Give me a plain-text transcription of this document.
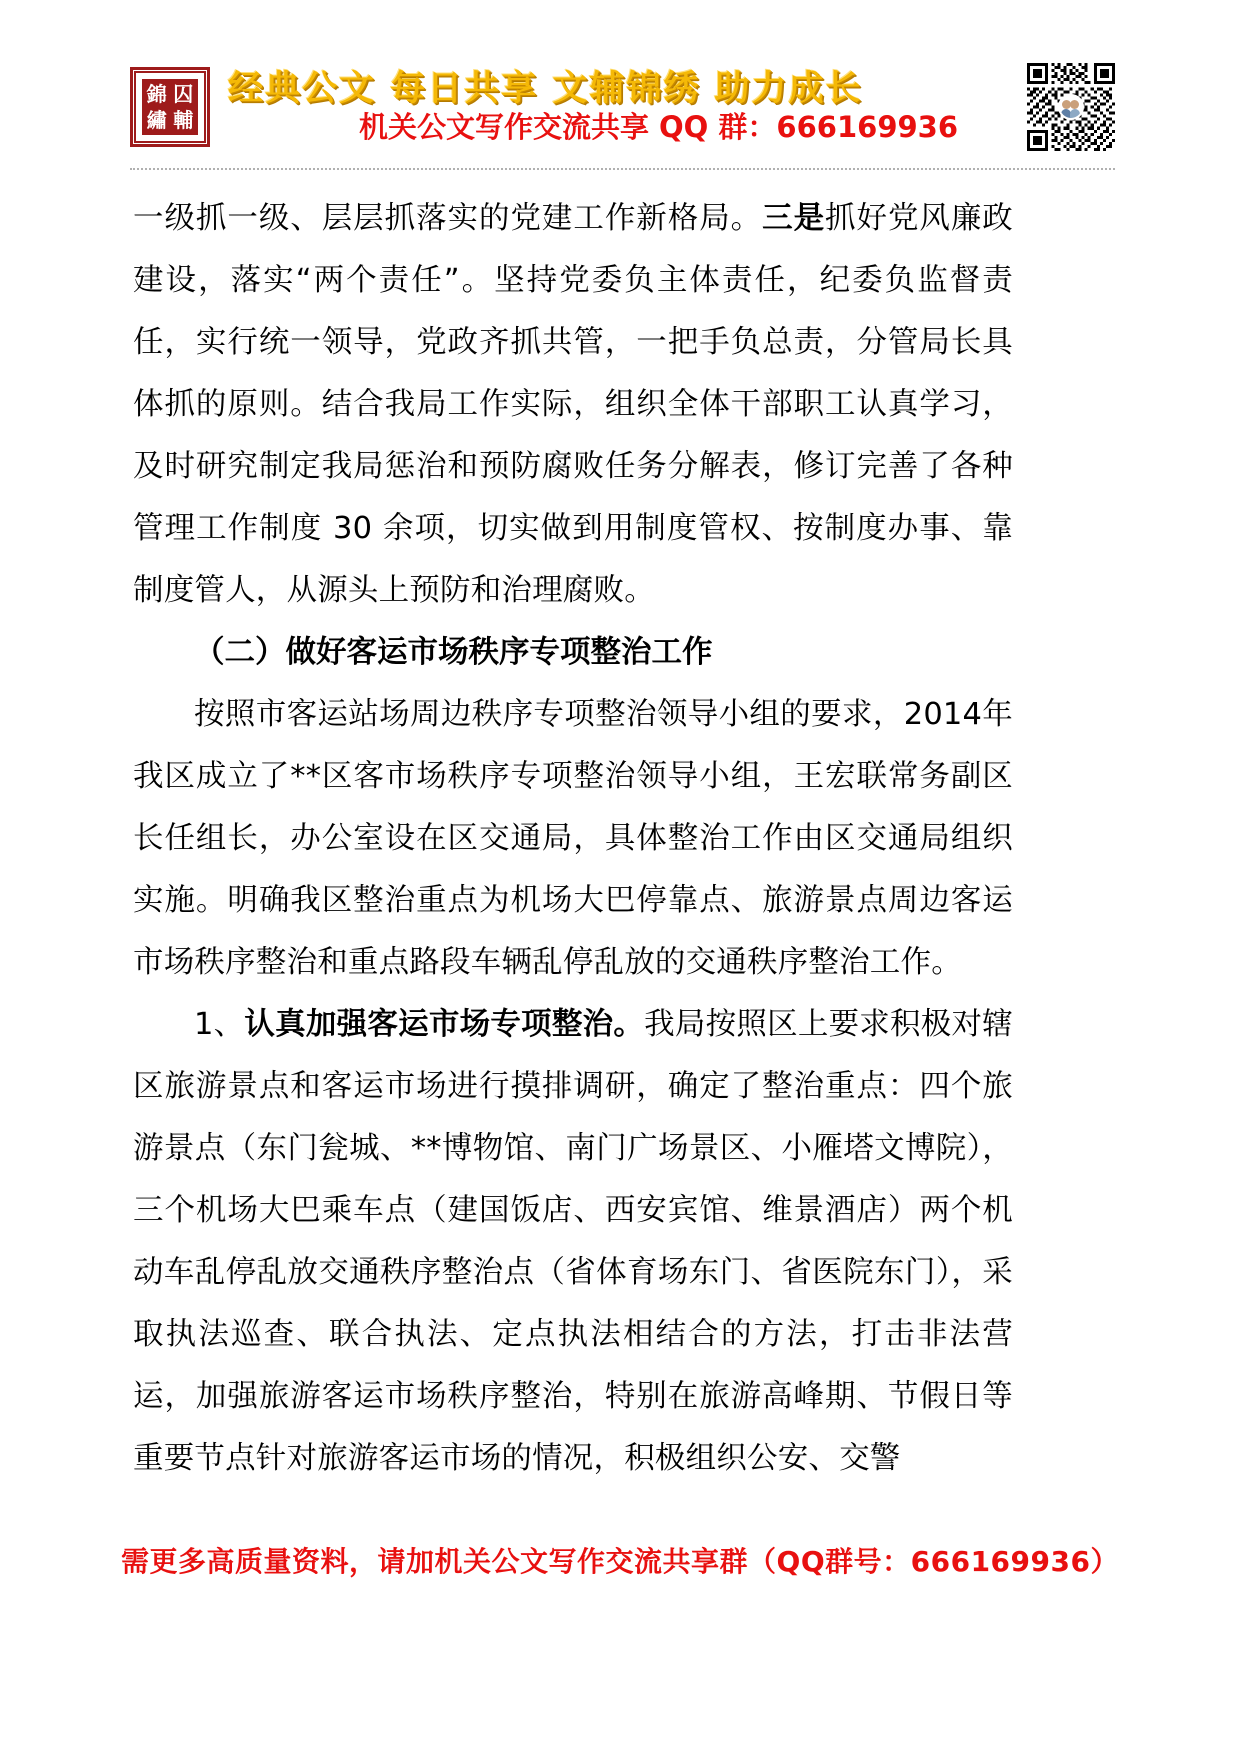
錦 囚
繡 輔
经典公文 每日共享 文辅锦绣 助力成长
机关公文写作交流共享 QQ 群：666169936

一级抓一级、层层抓落实的党建工作新格局。三是抓好党风廉政建设，落实“两个责任”。坚持党委负主体责任，纪委负监督责任，实行统一领导，党政齐抓共管，一把手负总责，分管局长具体抓的原则。结合我局工作实际，组织全体干部职工认真学习，及时研究制定我局惩治和预防腐败任务分解表，修订完善了各种管理工作制度 30 余项，切实做到用制度管权、按制度办事、靠制度管人，从源头上预防和治理腐败。

（二）做好客运市场秩序专项整治工作

按照市客运站场周边秩序专项整治领导小组的要求，2014年我区成立了**区客市场秩序专项整治领导小组，王宏联常务副区长任组长，办公室设在区交通局，具体整治工作由区交通局组织实施。明确我区整治重点为机场大巴停靠点、旅游景点周边客运市场秩序整治和重点路段车辆乱停乱放的交通秩序整治工作。

1、认真加强客运市场专项整治。我局按照区上要求积极对辖区旅游景点和客运市场进行摸排调研，确定了整治重点：四个旅游景点（东门瓮城、**博物馆、南门广场景区、小雁塔文博院），三个机场大巴乘车点（建国饭店、西安宾馆、维景酒店）两个机动车乱停乱放交通秩序整治点（省体育场东门、省医院东门），采取执法巡查、联合执法、定点执法相结合的方法，打击非法营运，加强旅游客运市场秩序整治，特别在旅游高峰期、节假日等重要节点针对旅游客运市场的情况，积极组织公安、交警

需更多高质量资料，请加机关公文写作交流共享群（QQ群号：666169936）
